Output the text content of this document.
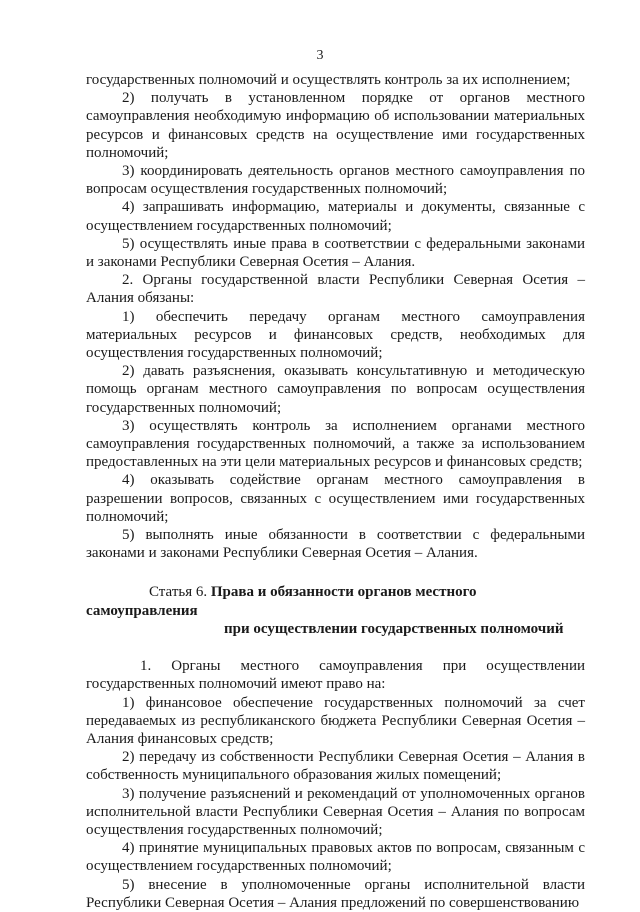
3

государственных полномочий и осуществлять контроль за их исполнением;

2) получать в установленном порядке от органов местного самоуправления необходимую информацию об использовании материальных ресурсов и финансовых средств на осуществление ими государственных полномочий;

3) координировать деятельность органов местного самоуправления по вопросам осуществления государственных полномочий;

4) запрашивать информацию, материалы и документы, связанные с осуществлением государственных полномочий;

5) осуществлять иные права в соответствии с федеральными законами и законами Республики Северная Осетия – Алания.

2. Органы государственной власти Республики Северная Осетия – Алания обязаны:

1) обеспечить передачу органам местного самоуправления материальных ресурсов и финансовых средств, необходимых для осуществления государственных полномочий;

2) давать разъяснения, оказывать консультативную и методическую помощь органам местного самоуправления по вопросам осуществления государственных полномочий;

3) осуществлять контроль за исполнением органами местного самоуправления государственных полномочий, а также за использованием предоставленных на эти цели материальных ресурсов и финансовых средств;

4) оказывать содействие органам местного самоуправления в разрешении вопросов, связанных с осуществлением ими государственных полномочий;

5) выполнять иные обязанности в соответствии с федеральными законами и законами Республики Северная Осетия – Алания.

Статья 6. Права и обязанности органов местного самоуправления
при осуществлении государственных полномочий

1. Органы местного самоуправления при осуществлении государственных полномочий имеют право на:

1) финансовое обеспечение государственных полномочий за счет передаваемых из республиканского бюджета Республики Северная Осетия – Алания финансовых средств;

2) передачу из собственности Республики Северная Осетия – Алания в собственность муниципального образования жилых помещений;

3) получение разъяснений и рекомендаций от уполномоченных органов исполнительной власти Республики Северная Осетия – Алания по вопросам осуществления государственных полномочий;

4) принятие муниципальных правовых актов по вопросам, связанным с осуществлением государственных полномочий;

5) внесение в уполномоченные органы исполнительной власти Республики Северная Осетия – Алания предложений по совершенствованию
